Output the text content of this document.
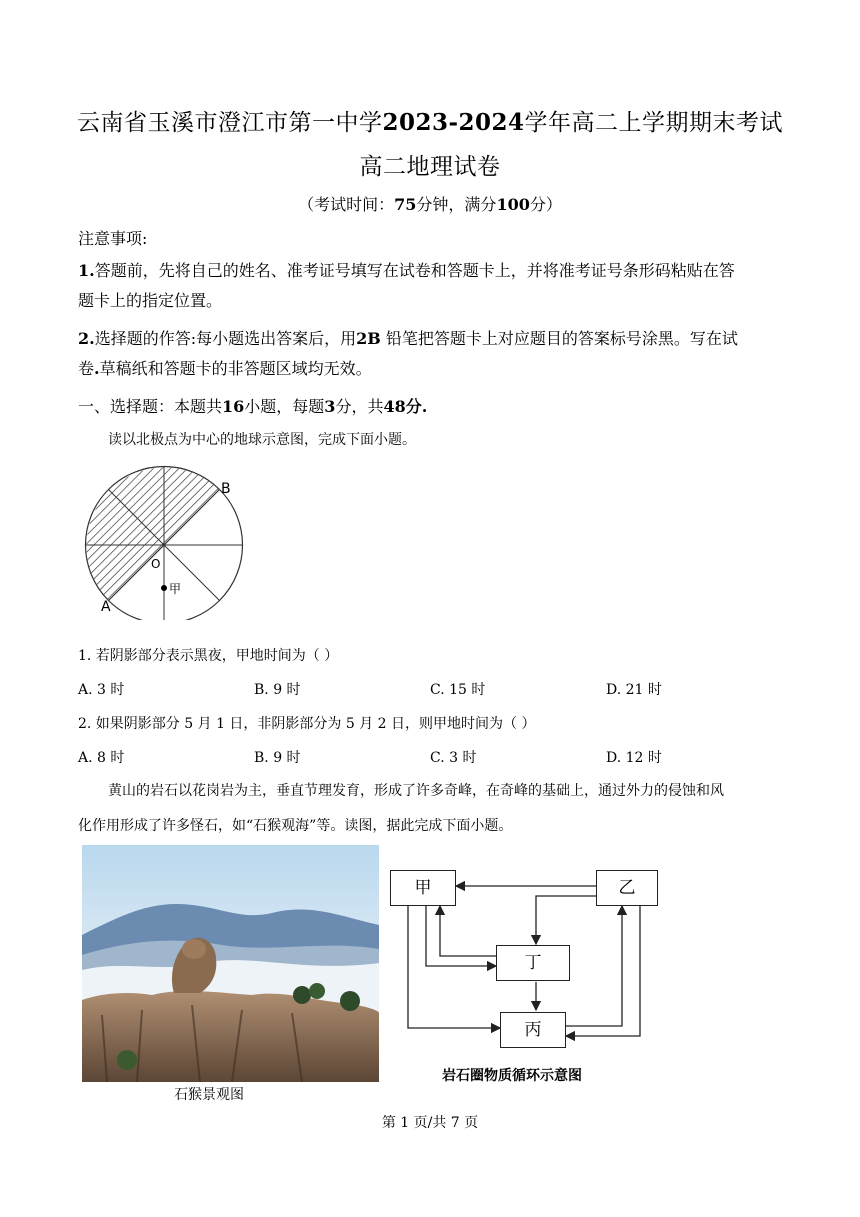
云南省玉溪市澄江市第一中学2023-2024学年高二上学期期末考试
高二地理试卷
（考试时间：75分钟，满分100分）
注意事项:
1.答题前，先将自己的姓名、准考证号填写在试卷和答题卡上，并将准考证号条形码粘贴在答
题卡上的指定位置。
2.选择题的作答:每小题选出答案后，用2B 铅笔把答题卡上对应题目的答案标号涂黑。写在试
卷.草稿纸和答题卡的非答题区域均无效。
一、选择题：本题共16小题，每题3分，共48分.
读以北极点为中心的地球示意图，完成下面小题。
B
O
A
甲
1. 若阴影部分表示黑夜，甲地时间为（ ）
A. 3 时	B. 9 时	C. 15 时	D. 21 时
2. 如果阴影部分 5 月 1 日，非阴影部分为 5 月 2 日，则甲地时间为（ ）
A. 8 时	B. 9 时	C. 3 时	D. 12 时
黄山的岩石以花岗岩为主，垂直节理发育，形成了许多奇峰，在奇峰的基础上，通过外力的侵蚀和风
化作用形成了许多怪石，如“石猴观海”等。读图，据此完成下面小题。
石猴景观图
甲	乙
丁
丙
岩石圈物质循环示意图
第 1 页/共 7 页
